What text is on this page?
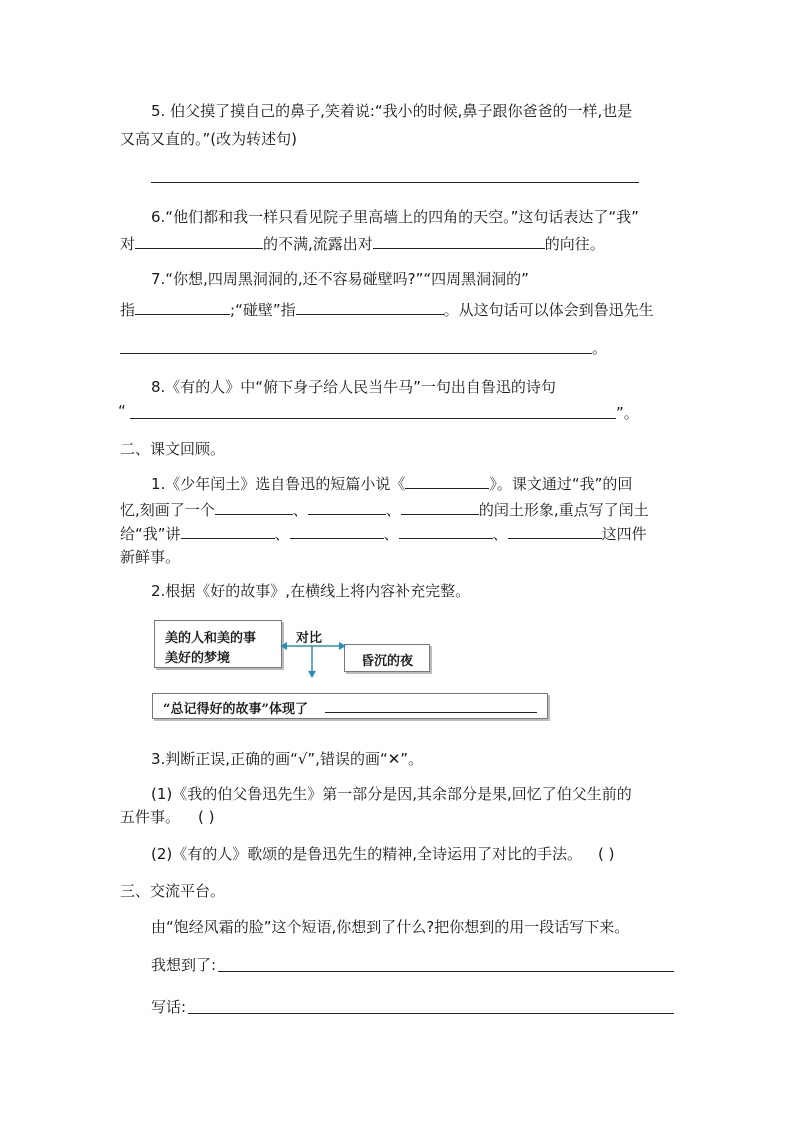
5. 伯父摸了摸自己的鼻子,笑着说:“我小的时候,鼻子跟你爸爸的一样,也是
又高又直的。”(改为转述句)
6.“他们都和我一样只看见院子里高墙上的四角的天空。”这句话表达了“我”
对	的不满,流露出对	的向往。
7.“你想,四周黑洞洞的,还不容易碰壁吗?”“四周黑洞洞的”
指	;“碰壁”指	。从这句话可以体会到鲁迅先生
。
8.《有的人》中“俯下身子给人民当牛马”一句出自鲁迅的诗句
“	”。
二、课文回顾。
1.《少年闰土》选自鲁迅的短篇小说《	》。课文通过“我”的回
忆,刻画了一个	、	、	的闰土形象,重点写了闰土
给“我”讲	、	、	、	这四件
新鲜事。
2.根据《好的故事》,在横线上将内容补充完整。
美的人和美的事
美好的梦境	昏沉的夜
对比
“总记得好的故事”体现了
3.判断正误,正确的画“√”,错误的画“✕”。
(1)《我的伯父鲁迅先生》第一部分是因,其余部分是果,回忆了伯父生前的
五件事。 ( )
(2)《有的人》歌颂的是鲁迅先生的精神,全诗运用了对比的手法。 ( )
三、交流平台。
由“饱经风霜的脸”这个短语,你想到了什么?把你想到的用一段话写下来。
我想到了:
写话:
